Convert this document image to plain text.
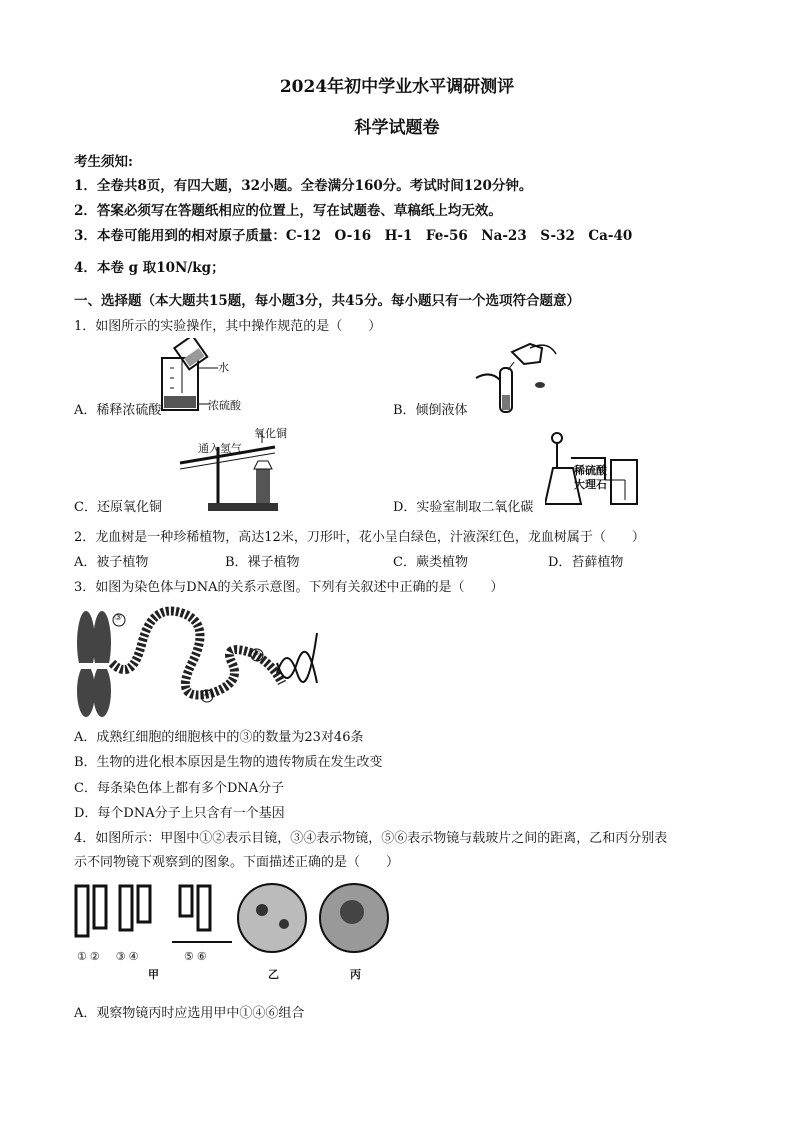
2024年初中学业水平调研测评
科学试题卷
考生须知:
1．全卷共8页，有四大题，32小题。全卷满分160分。考试时间120分钟。
2．答案必须写在答题纸相应的位置上，写在试题卷、草稿纸上均无效。
3．本卷可能用到的相对原子质量：C-12　O-16　H-1　Fe-56　Na-23　S-32　Ca-40
4．本卷 g 取10N/kg；
一、选择题（本大题共15题，每小题3分，共45分。每小题只有一个选项符合题意）
1．如图所示的实验操作，其中操作规范的是（　　）
水
浓硫酸
A．稀释浓硫酸	B．倾倒液体
通入氢气
氧化铜
C．还原氧化铜
稀硫酸
大理石
D．实验室制取二氧化碳
2．龙血树是一种珍稀植物，高达12米，刀形叶，花小呈白绿色，汁液深红色，龙血树属于（　　）
A．被子植物	B．裸子植物	C．蕨类植物	D．苔藓植物
3．如图为染色体与DNA的关系示意图。下列有关叙述中正确的是（　　）
③
①
②
A．成熟红细胞的细胞核中的③的数量为23对46条
B．生物的进化根本原因是生物的遗传物质在发生改变
C．每条染色体上都有多个DNA分子
D．每个DNA分子上只含有一个基因
4．如图所示：甲图中①②表示目镜，③④表示物镜，⑤⑥表示物镜与载玻片之间的距离，乙和丙分别表
示不同物镜下观察到的图象。下面描述正确的是（　　）
①② ③④	⑤⑥
甲	乙	丙
A．观察物镜丙时应选用甲中①④⑥组合
